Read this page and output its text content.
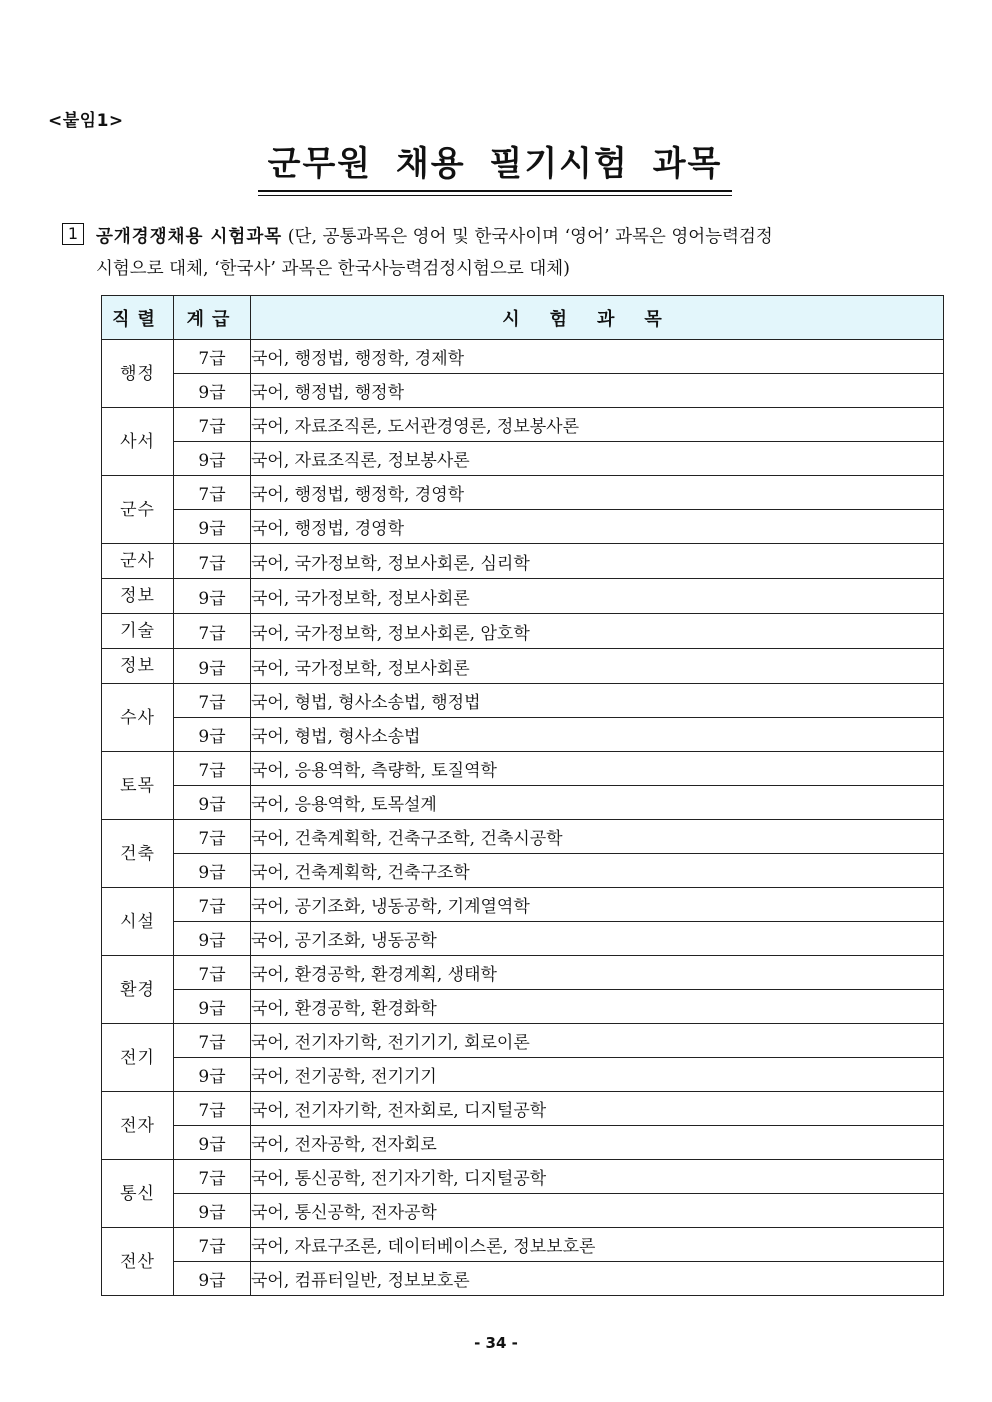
<붙임1>
군무원 채용 필기시험 과목
1	공개경쟁채용 시험과목 (단, 공통과목은 영어 및 한국사이며 ‘영어’ 과목은 영어능력검정
시험으로 대체, ‘한국사’ 과목은 한국사능력검정시험으로 대체)
직렬	계급	시험과목
행정	7급	국어, 행정법, 행정학, 경제학
	9급	국어, 행정법, 행정학
사서	7급	국어, 자료조직론, 도서관경영론, 정보봉사론
	9급	국어, 자료조직론, 정보봉사론
군수	7급	국어, 행정법, 행정학, 경영학
	9급	국어, 행정법, 경영학
군사	7급	국어, 국가정보학, 정보사회론, 심리학
정보	9급	국어, 국가정보학, 정보사회론
기술	7급	국어, 국가정보학, 정보사회론, 암호학
정보	9급	국어, 국가정보학, 정보사회론
수사	7급	국어, 형법, 형사소송법, 행정법
	9급	국어, 형법, 형사소송법
토목	7급	국어, 응용역학, 측량학, 토질역학
	9급	국어, 응용역학, 토목설계
건축	7급	국어, 건축계획학, 건축구조학, 건축시공학
	9급	국어, 건축계획학, 건축구조학
시설	7급	국어, 공기조화, 냉동공학, 기계열역학
	9급	국어, 공기조화, 냉동공학
환경	7급	국어, 환경공학, 환경계획, 생태학
	9급	국어, 환경공학, 환경화학
전기	7급	국어, 전기자기학, 전기기기, 회로이론
	9급	국어, 전기공학, 전기기기
전자	7급	국어, 전기자기학, 전자회로, 디지털공학
	9급	국어, 전자공학, 전자회로
통신	7급	국어, 통신공학, 전기자기학, 디지털공학
	9급	국어, 통신공학, 전자공학
전산	7급	국어, 자료구조론, 데이터베이스론, 정보보호론
	9급	국어, 컴퓨터일반, 정보보호론
- 34 -
